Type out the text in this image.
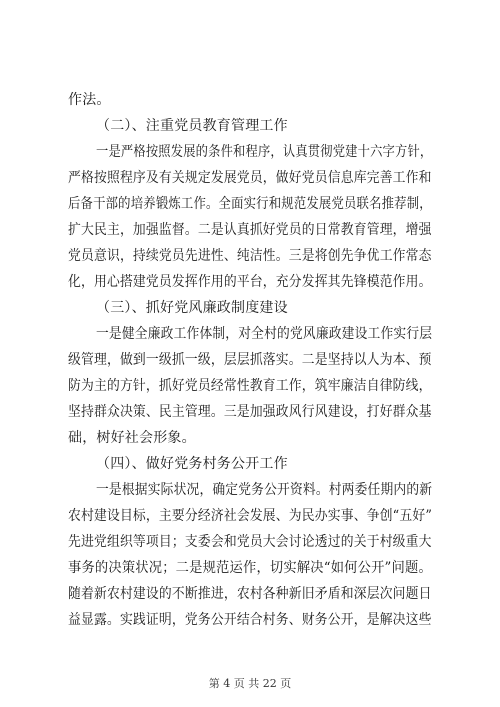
作法。
（二）、注重党员教育管理工作
一是严格按照发展的条件和程序，认真贯彻党建十六字方针，
严格按照程序及有关规定发展党员，做好党员信息库完善工作和
后备干部的培养锻炼工作。全面实行和规范发展党员联名推荐制，
扩大民主，加强监督。二是认真抓好党员的日常教育管理，增强
党员意识，持续党员先进性、纯洁性。三是将创先争优工作常态
化，用心搭建党员发挥作用的平台，充分发挥其先锋模范作用。
（三）、抓好党风廉政制度建设
一是健全廉政工作体制，对全村的党风廉政建设工作实行层
级管理，做到一级抓一级，层层抓落实。二是坚持以人为本、预
防为主的方针，抓好党员经常性教育工作，筑牢廉洁自律防线，
坚持群众决策、民主管理。三是加强政风行风建设，打好群众基
础，树好社会形象。
（四）、做好党务村务公开工作
一是根据实际状况，确定党务公开资料。村两委任期内的新
农村建设目标，主要分经济社会发展、为民办实事、争创“五好”
先进党组织等项目；支委会和党员大会讨论透过的关于村级重大
事务的决策状况；二是规范运作，切实解决“如何公开”问题。
随着新农村建设的不断推进，农村各种新旧矛盾和深层次问题日
益显露。实践证明，党务公开结合村务、财务公开，是解决这些
第 4 页 共 22 页
